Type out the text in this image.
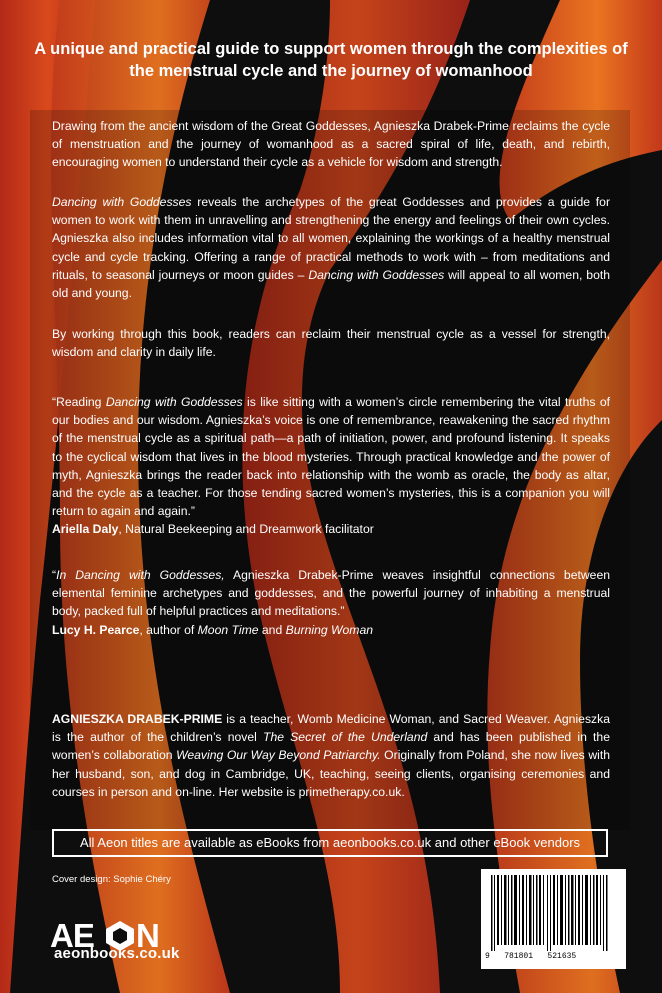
A unique and practical guide to support women through the complexities of the menstrual cycle and the journey of womanhood

Drawing from the ancient wisdom of the Great Goddesses, Agnieszka Drabek-Prime reclaims the cycle of menstruation and the journey of womanhood as a sacred spiral of life, death, and rebirth, encouraging women to understand their cycle as a vehicle for wisdom and strength.

Dancing with Goddesses reveals the archetypes of the great Goddesses and provides a guide for women to work with them in unravelling and strengthening the energy and feelings of their own cycles. Agnieszka also includes information vital to all women, explaining the workings of a healthy menstrual cycle and cycle tracking. Offering a range of practical methods to work with – from meditations and rituals, to seasonal journeys or moon guides – Dancing with Goddesses will appeal to all women, both old and young.

By working through this book, readers can reclaim their menstrual cycle as a vessel for strength, wisdom and clarity in daily life.

“Reading Dancing with Goddesses is like sitting with a women’s circle remembering the vital truths of our bodies and our wisdom. Agnieszka’s voice is one of remembrance, reawakening the sacred rhythm of the menstrual cycle as a spiritual path—a path of initiation, power, and profound listening. It speaks to the cyclical wisdom that lives in the blood mysteries. Through practical knowledge and the power of myth, Agnieszka brings the reader back into relationship with the womb as oracle, the body as altar, and the cycle as a teacher. For those tending sacred women’s mysteries, this is a companion you will return to again and again.”
Ariella Daly, Natural Beekeeping and Dreamwork facilitator

“In Dancing with Goddesses, Agnieszka Drabek-Prime weaves insightful connections between elemental feminine archetypes and goddesses, and the powerful journey of inhabiting a menstrual body, packed full of helpful practices and meditations.”
Lucy H. Pearce, author of Moon Time and Burning Woman

AGNIESZKA DRABEK-PRIME is a teacher, Womb Medicine Woman, and Sacred Weaver. Agnieszka is the author of the children’s novel The Secret of the Underland and has been published in the women’s collaboration Weaving Our Way Beyond Patriarchy. Originally from Poland, she now lives with her husband, son, and dog in Cambridge, UK, teaching, seeing clients, organising ceremonies and courses in person and on-line. Her website is primetherapy.co.uk.

All Aeon titles are available as eBooks from aeonbooks.co.uk and other eBook vendors
Cover design: Sophie Chéry
AE N
aeonbooks.co.uk	9   781801   521635
